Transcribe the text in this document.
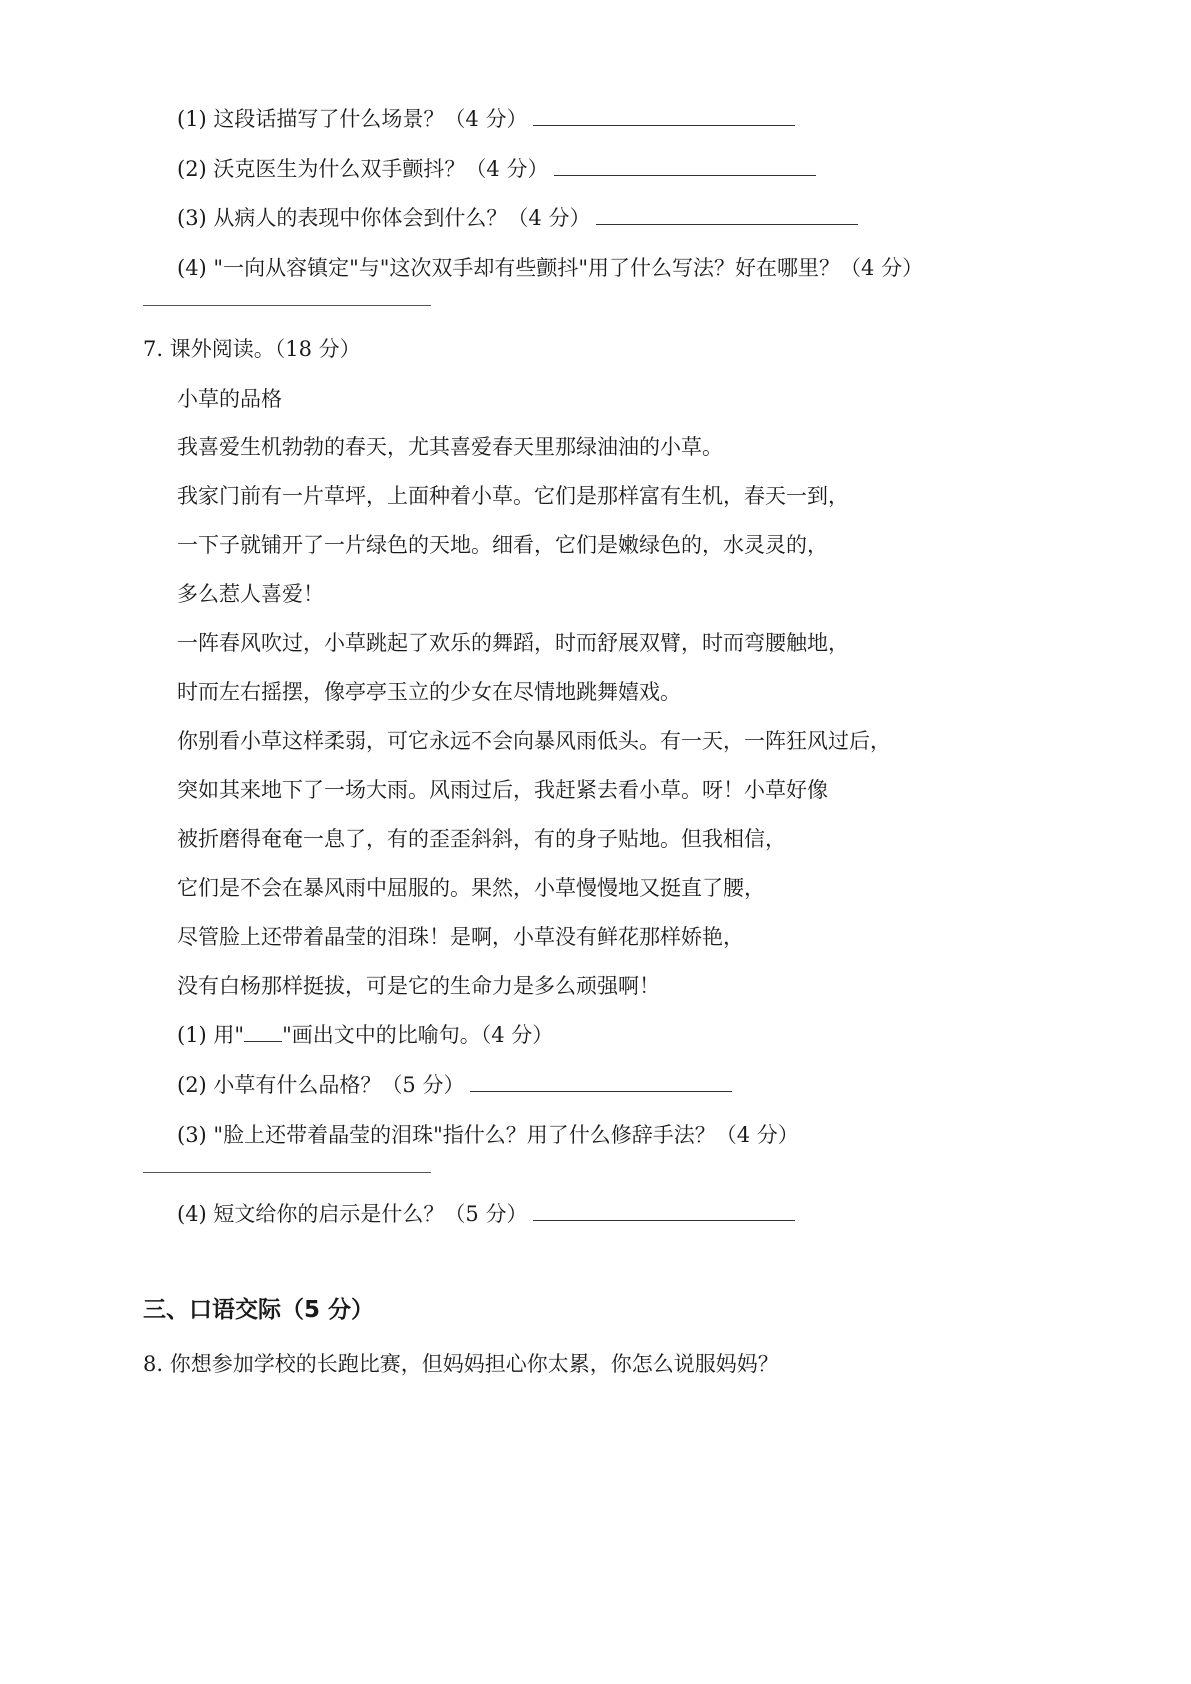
(1) 这段话描写了什么场景？（4 分）
(2) 沃克医生为什么双手颤抖？（4 分）
(3) 从病人的表现中你体会到什么？（4 分）
(4) "一向从容镇定"与"这次双手却有些颤抖"用了什么写法？好在哪里？（4 分）
7. 课外阅读。（18 分）
小草的品格
我喜爱生机勃勃的春天，尤其喜爱春天里那绿油油的小草。
我家门前有一片草坪，上面种着小草。它们是那样富有生机，春天一到，
一下子就铺开了一片绿色的天地。细看，它们是嫩绿色的，水灵灵的，
多么惹人喜爱！
一阵春风吹过，小草跳起了欢乐的舞蹈，时而舒展双臂，时而弯腰触地，
时而左右摇摆，像亭亭玉立的少女在尽情地跳舞嬉戏。
你别看小草这样柔弱，可它永远不会向暴风雨低头。有一天，一阵狂风过后，
突如其来地下了一场大雨。风雨过后，我赶紧去看小草。呀！小草好像
被折磨得奄奄一息了，有的歪歪斜斜，有的身子贴地。但我相信，
它们是不会在暴风雨中屈服的。果然，小草慢慢地又挺直了腰，
尽管脸上还带着晶莹的泪珠！是啊，小草没有鲜花那样娇艳，
没有白杨那样挺拔，可是它的生命力是多么顽强啊！
(1) 用" "画出文中的比喻句。（4 分）
(2) 小草有什么品格？（5 分）
(3) "脸上还带着晶莹的泪珠"指什么？用了什么修辞手法？（4 分）
(4) 短文给你的启示是什么？（5 分）
三、口语交际（5 分）
8. 你想参加学校的长跑比赛，但妈妈担心你太累，你怎么说服妈妈？
